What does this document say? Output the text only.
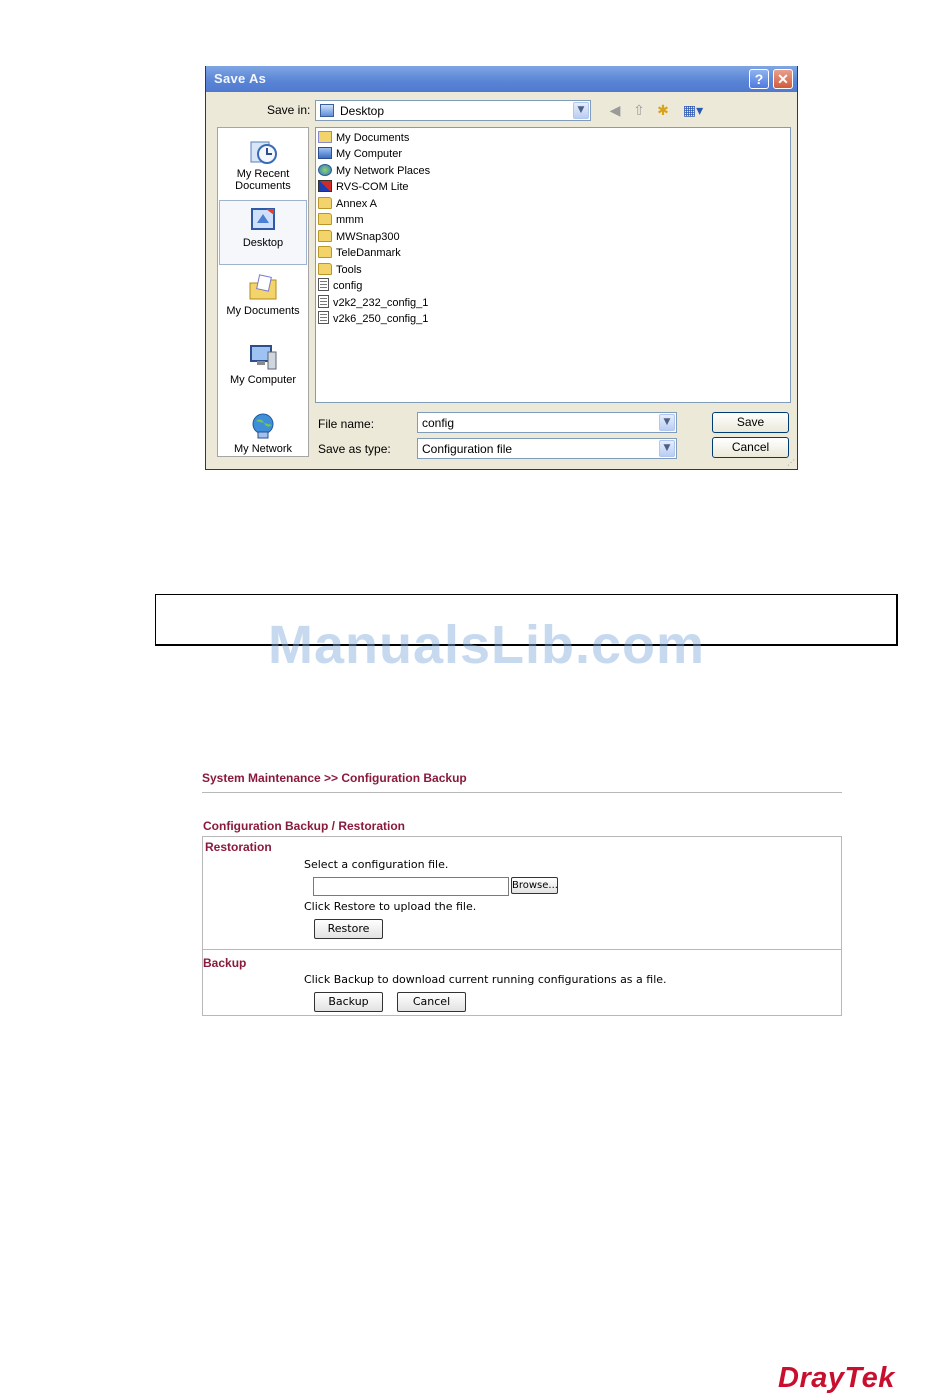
Save As	? ✕
Save in: Desktop	▼	◀ ⇧ ✱ ▦▾
My Recent Documents
Desktop
My Documents
My Computer
My Network
My Documents
My Computer
My Network Places
RVS-COM Lite
Annex A
mmm
MWSnap300
TeleDanmark
Tools
config
v2k2_232_config_1
v2k6_250_config_1
File name:	config	▼
Save as type:	Configuration file	▼
Save
Cancel
⋰
ManualsLib.com
System Maintenance >> Configuration Backup
Configuration Backup / Restoration
Restoration
Select a configuration file.
Browse...
Click Restore to upload the file.
Restore
Backup
Click Backup to download current running configurations as a file.
Backup	Cancel
DrayTek
